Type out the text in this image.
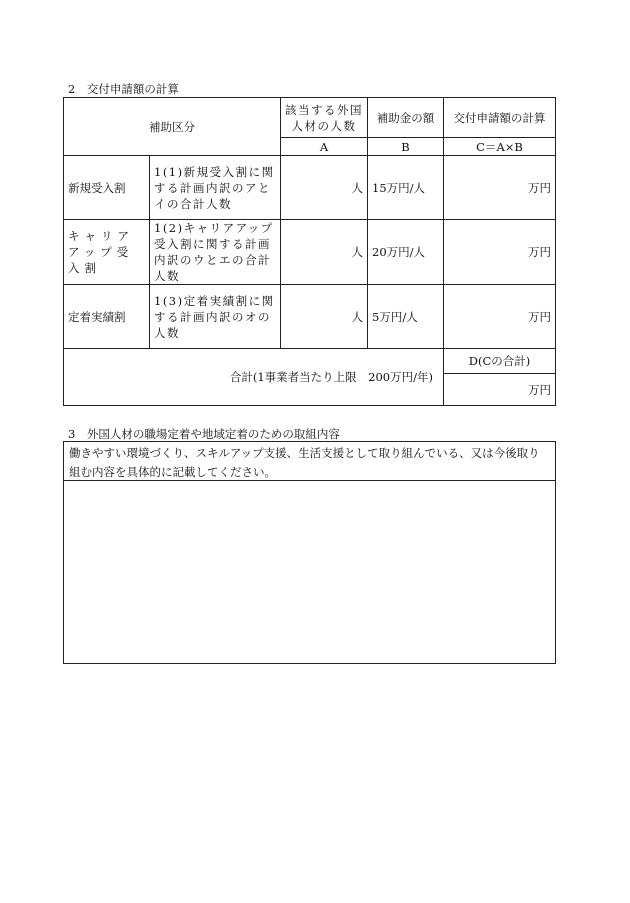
2　交付申請額の計算
補助区分		該当する外国人材の人数	補助金の額	交付申請額の計算
		A	B	C＝A×B
新規受入割	1(1)新規受入割に関する計画内訳のアとイの合計人数	人	15万円/人	万円
キャリアアップ受入割	1(2)キャリアアップ受入割に関する計画内訳のウとエの合計人数	人	20万円/人	万円
定着実績割	1(3)定着実績割に関する計画内訳のオの人数	人	5万円/人	万円
合計(1事業者当たり上限　200万円/年)				D(Cの合計)
				万円
3　外国人材の職場定着や地域定着のための取組内容
働きやすい環境づくり、スキルアップ支援、生活支援として取り組んでいる、又は今後取り組む内容を具体的に記載してください。
